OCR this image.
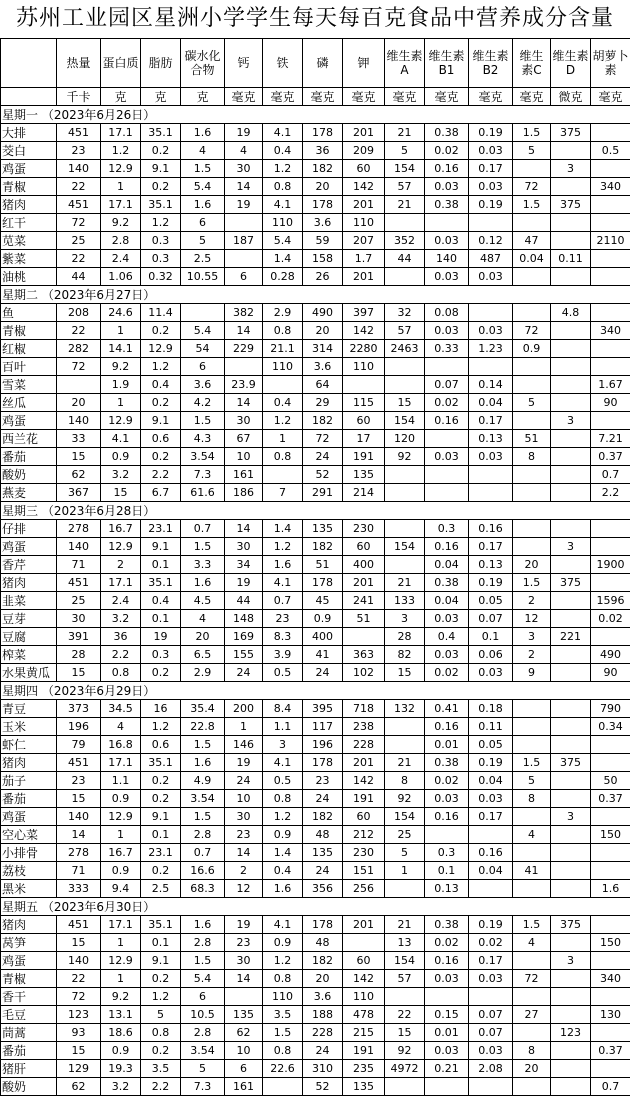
苏州工业园区星洲小学学生每天每百克食品中营养成分含量
	热量	蛋白质	脂肪	碳水化合物	钙	铁	磷	钾	维生素A	维生素B1	维生素B2	维生素C	维生素D	胡萝卜素
	千卡	克	克	克	毫克	毫克	毫克	毫克	毫克	毫克	毫克	毫克	微克	毫克
星期一 （2023年6月26日）														
大排	451	17.1	35.1	1.6	19	4.1	178	201	21	0.38	0.19	1.5	375	
茭白	23	1.2	0.2	4	4	0.4	36	209	5	0.02	0.03	5		0.5
鸡蛋	140	12.9	9.1	1.5	30	1.2	182	60	154	0.16	0.17		3	
青椒	22	1	0.2	5.4	14	0.8	20	142	57	0.03	0.03	72		340
猪肉	451	17.1	35.1	1.6	19	4.1	178	201	21	0.38	0.19	1.5	375	
红干	72	9.2	1.2	6		110	3.6	110						
苋菜	25	2.8	0.3	5	187	5.4	59	207	352	0.03	0.12	47		2110
紫菜	22	2.4	0.3	2.5		1.4	158	1.7	44	140	487	0.04	0.11	
油桃	44	1.06	0.32	10.55	6	0.28	26	201		0.03	0.03			
星期二 （2023年6月27日）														
鱼	208	24.6	11.4		382	2.9	490	397	32	0.08			4.8	
青椒	22	1	0.2	5.4	14	0.8	20	142	57	0.03	0.03	72		340
红椒	282	14.1	12.9	54	229	21.1	314	2280	2463	0.33	1.23	0.9		
百叶	72	9.2	1.2	6		110	3.6	110						
雪菜		1.9	0.4	3.6	23.9		64			0.07	0.14			1.67
丝瓜	20	1	0.2	4.2	14	0.4	29	115	15	0.02	0.04	5		90
鸡蛋	140	12.9	9.1	1.5	30	1.2	182	60	154	0.16	0.17		3	
西兰花	33	4.1	0.6	4.3	67	1	72	17	120		0.13	51		7.21
番茄	15	0.9	0.2	3.54	10	0.8	24	191	92	0.03	0.03	8		0.37
酸奶	62	3.2	2.2	7.3	161		52	135						0.7
燕麦	367	15	6.7	61.6	186	7	291	214						2.2
星期三 （2023年6月28日）														
仔排	278	16.7	23.1	0.7	14	1.4	135	230		0.3	0.16			
鸡蛋	140	12.9	9.1	1.5	30	1.2	182	60	154	0.16	0.17		3	
香芹	71	2	0.1	3.3	34	1.6	51	400		0.04	0.13	20		1900
猪肉	451	17.1	35.1	1.6	19	4.1	178	201	21	0.38	0.19	1.5	375	
韭菜	25	2.4	0.4	4.5	44	0.7	45	241	133	0.04	0.05	2		1596
豆芽	30	3.2	0.1	4	148	23	0.9	51	3	0.03	0.07	12		0.02
豆腐	391	36	19	20	169	8.3	400		28	0.4	0.1	3	221	
榨菜	28	2.2	0.3	6.5	155	3.9	41	363	82	0.03	0.06	2		490
水果黄瓜	15	0.8	0.2	2.9	24	0.5	24	102	15	0.02	0.03	9		90
星期四 （2023年6月29日）														
青豆	373	34.5	16	35.4	200	8.4	395	718	132	0.41	0.18			790
玉米	196	4	1.2	22.8	1	1.1	117	238		0.16	0.11			0.34
虾仁	79	16.8	0.6	1.5	146	3	196	228		0.01	0.05			
猪肉	451	17.1	35.1	1.6	19	4.1	178	201	21	0.38	0.19	1.5	375	
茄子	23	1.1	0.2	4.9	24	0.5	23	142	8	0.02	0.04	5		50
番茄	15	0.9	0.2	3.54	10	0.8	24	191	92	0.03	0.03	8		0.37
鸡蛋	140	12.9	9.1	1.5	30	1.2	182	60	154	0.16	0.17		3	
空心菜	14	1	0.1	2.8	23	0.9	48	212	25			4		150
小排骨	278	16.7	23.1	0.7	14	1.4	135	230	5	0.3	0.16			
荔枝	71	0.9	0.2	16.6	2	0.4	24	151	1	0.1	0.04	41		
黑米	333	9.4	2.5	68.3	12	1.6	356	256		0.13				1.6
星期五 （2023年6月30日）														
猪肉	451	17.1	35.1	1.6	19	4.1	178	201	21	0.38	0.19	1.5	375	
莴笋	15	1	0.1	2.8	23	0.9	48		13	0.02	0.02	4		150
鸡蛋	140	12.9	9.1	1.5	30	1.2	182	60	154	0.16	0.17		3	
青椒	22	1	0.2	5.4	14	0.8	20	142	57	0.03	0.03	72		340
香干	72	9.2	1.2	6		110	3.6	110						
毛豆	123	13.1	5	10.5	135	3.5	188	478	22	0.15	0.07	27		130
茼蒿	93	18.6	0.8	2.8	62	1.5	228	215	15	0.01	0.07		123	
番茄	15	0.9	0.2	3.54	10	0.8	24	191	92	0.03	0.03	8		0.37
猪肝	129	19.3	3.5	5	6	22.6	310	235	4972	0.21	2.08	20		
酸奶	62	3.2	2.2	7.3	161		52	135						0.7
